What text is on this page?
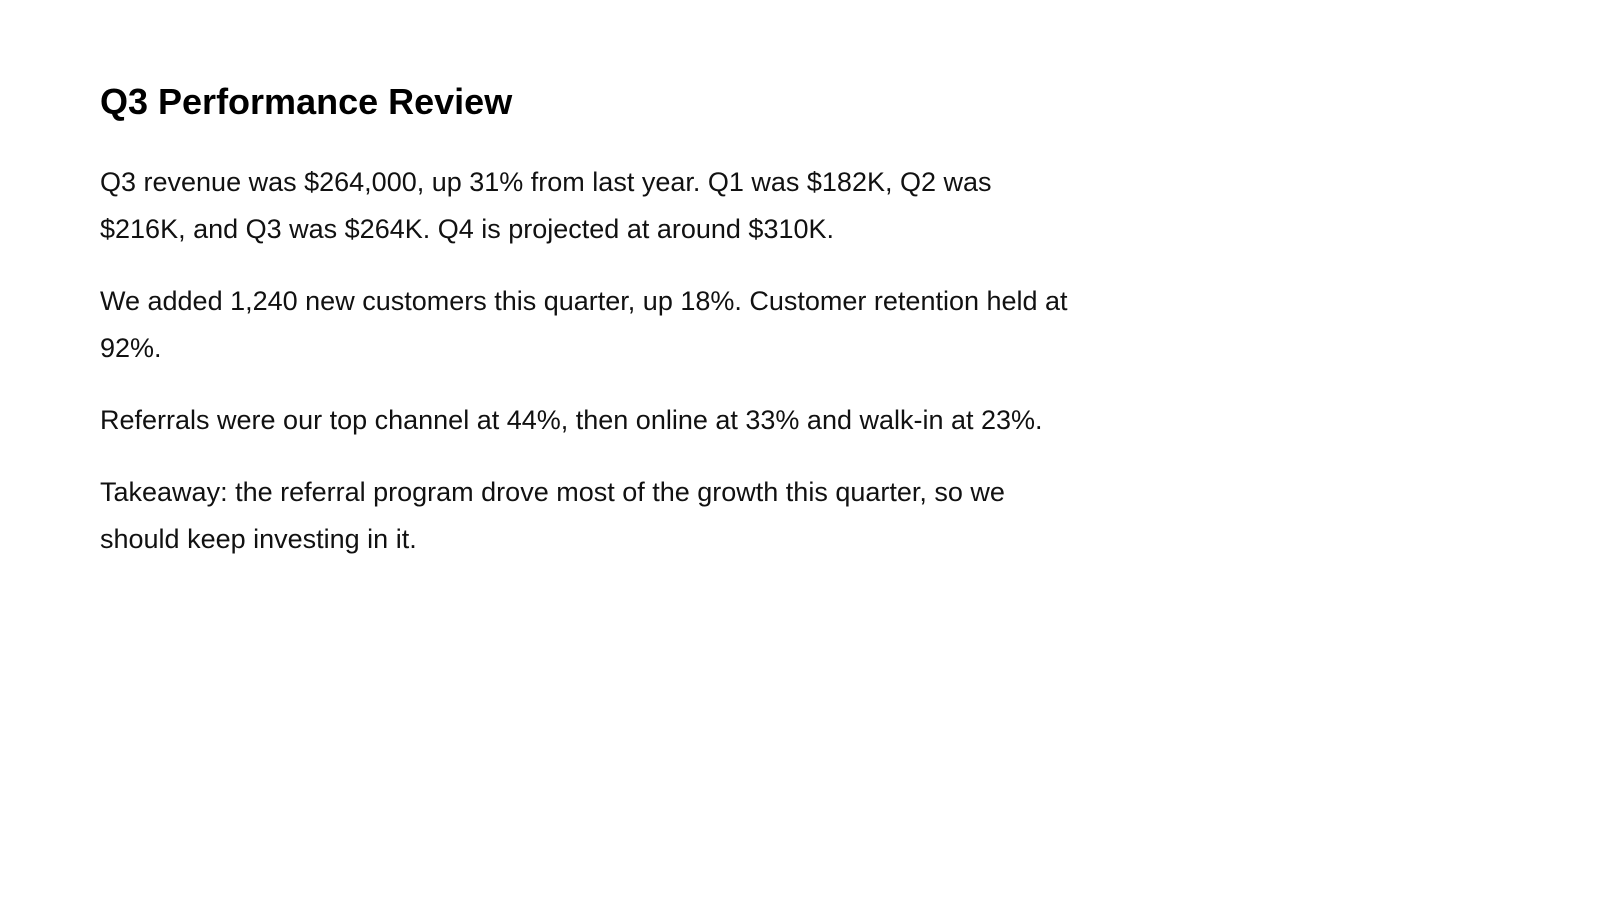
Q3 Performance Review

Q3 revenue was $264,000, up 31% from last year. Q1 was $182K, Q2 was $216K, and Q3 was $264K. Q4 is projected at around $310K.

We added 1,240 new customers this quarter, up 18%. Customer retention held at 92%.

Referrals were our top channel at 44%, then online at 33% and walk-in at 23%.

Takeaway: the referral program drove most of the growth this quarter, so we should keep investing in it.
